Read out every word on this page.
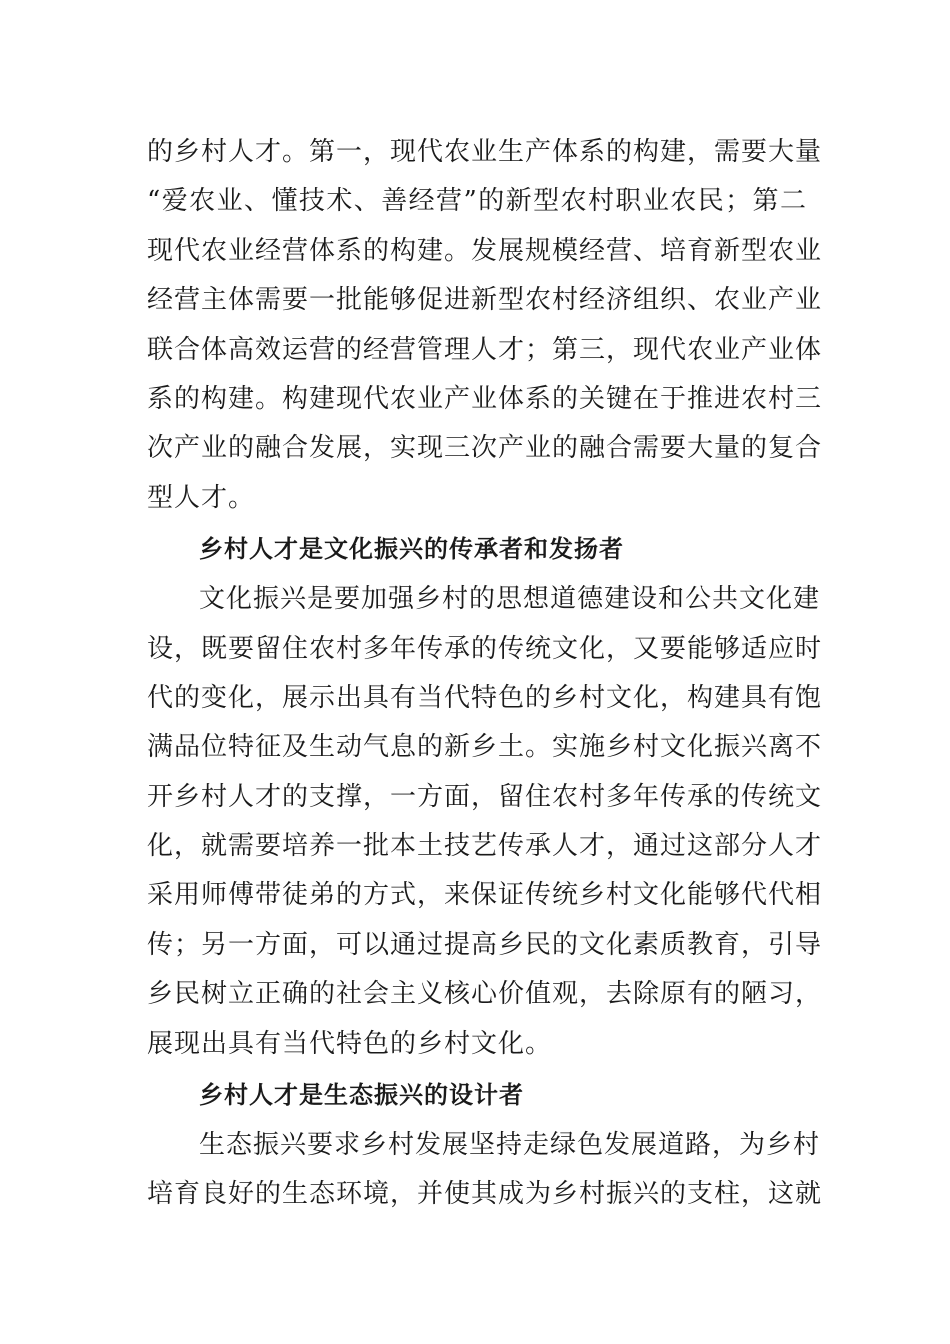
的乡村人才。第一，现代农业生产体系的构建，需要大量
“爱农业、懂技术、善经营”的新型农村职业农民；第二
现代农业经营体系的构建。发展规模经营、培育新型农业
经营主体需要一批能够促进新型农村经济组织、农业产业
联合体高效运营的经营管理人才；第三，现代农业产业体
系的构建。构建现代农业产业体系的关键在于推进农村三
次产业的融合发展，实现三次产业的融合需要大量的复合
型人才。
乡村人才是文化振兴的传承者和发扬者
文化振兴是要加强乡村的思想道德建设和公共文化建
设，既要留住农村多年传承的传统文化，又要能够适应时
代的变化，展示出具有当代特色的乡村文化，构建具有饱
满品位特征及生动气息的新乡土。实施乡村文化振兴离不
开乡村人才的支撑，一方面，留住农村多年传承的传统文
化，就需要培养一批本土技艺传承人才，通过这部分人才
采用师傅带徒弟的方式，来保证传统乡村文化能够代代相
传；另一方面，可以通过提高乡民的文化素质教育，引导
乡民树立正确的社会主义核心价值观，去除原有的陋习，
展现出具有当代特色的乡村文化。
乡村人才是生态振兴的设计者
生态振兴要求乡村发展坚持走绿色发展道路，为乡村
培育良好的生态环境，并使其成为乡村振兴的支柱，这就
